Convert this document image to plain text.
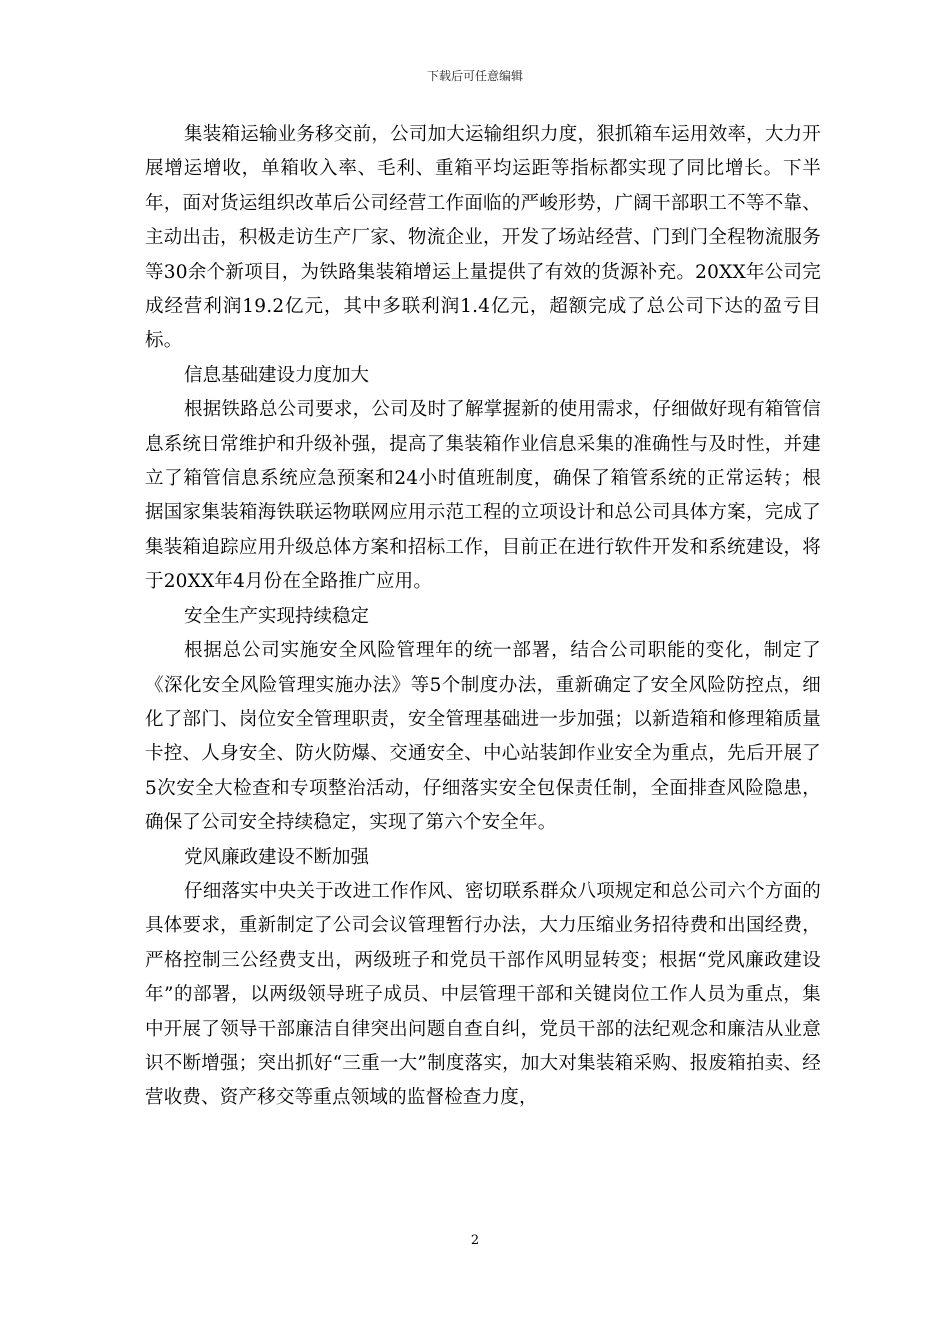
下载后可任意编辑

集装箱运输业务移交前，公司加大运输组织力度，狠抓箱车运用效率，大力开展增运增收，单箱收入率、毛利、重箱平均运距等指标都实现了同比增长。下半年，面对货运组织改革后公司经营工作面临的严峻形势，广阔干部职工不等不靠、主动出击，积极走访生产厂家、物流企业，开发了场站经营、门到门全程物流服务等30余个新项目，为铁路集装箱增运上量提供了有效的货源补充。20XX年公司完成经营利润19.2亿元，其中多联利润1.4亿元，超额完成了总公司下达的盈亏目标。

信息基础建设力度加大

根据铁路总公司要求，公司及时了解掌握新的使用需求，仔细做好现有箱管信息系统日常维护和升级补强，提高了集装箱作业信息采集的准确性与及时性，并建立了箱管信息系统应急预案和24小时值班制度，确保了箱管系统的正常运转；根据国家集装箱海铁联运物联网应用示范工程的立项设计和总公司具体方案，完成了集装箱追踪应用升级总体方案和招标工作，目前正在进行软件开发和系统建设，将于20XX年4月份在全路推广应用。

安全生产实现持续稳定

根据总公司实施安全风险管理年的统一部署，结合公司职能的变化，制定了《深化安全风险管理实施办法》等5个制度办法，重新确定了安全风险防控点，细化了部门、岗位安全管理职责，安全管理基础进一步加强；以新造箱和修理箱质量卡控、人身安全、防火防爆、交通安全、中心站装卸作业安全为重点，先后开展了5次安全大检查和专项整治活动，仔细落实安全包保责任制，全面排查风险隐患，确保了公司安全持续稳定，实现了第六个安全年。

党风廉政建设不断加强

仔细落实中央关于改进工作作风、密切联系群众八项规定和总公司六个方面的具体要求，重新制定了公司会议管理暂行办法，大力压缩业务招待费和出国经费，严格控制三公经费支出，两级班子和党员干部作风明显转变；根据“党风廉政建设年”的部署，以两级领导班子成员、中层管理干部和关键岗位工作人员为重点，集中开展了领导干部廉洁自律突出问题自查自纠，党员干部的法纪观念和廉洁从业意识不断增强；突出抓好“三重一大”制度落实，加大对集装箱采购、报废箱拍卖、经营收费、资产移交等重点领域的监督检查力度，

2
